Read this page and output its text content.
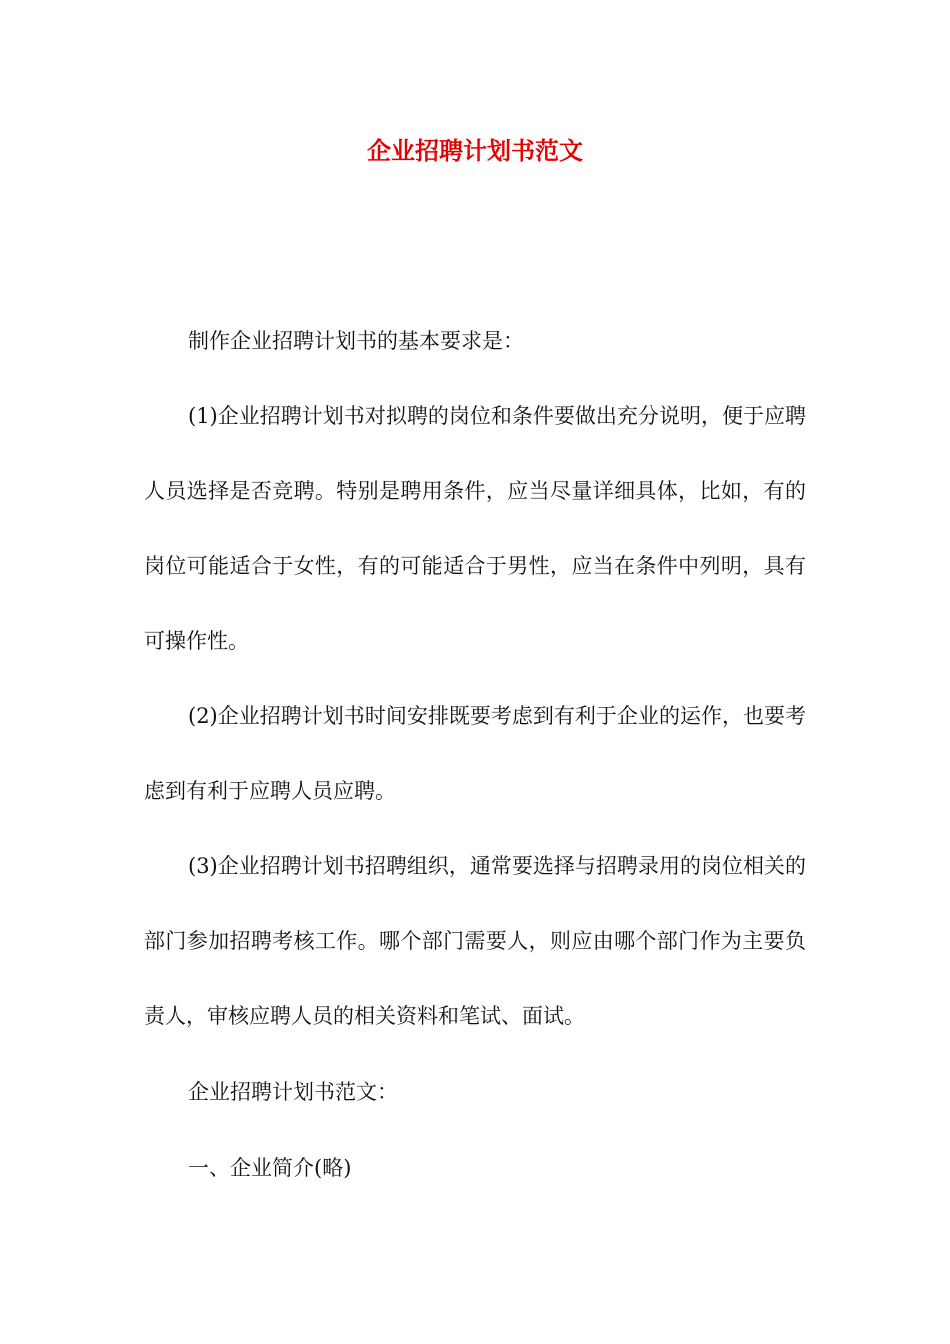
企业招聘计划书范文

制作企业招聘计划书的基本要求是：

(1)企业招聘计划书对拟聘的岗位和条件要做出充分说明，便于应聘人员选择是否竞聘。特别是聘用条件，应当尽量详细具体，比如，有的岗位可能适合于女性，有的可能适合于男性，应当在条件中列明，具有可操作性。

(2)企业招聘计划书时间安排既要考虑到有利于企业的运作，也要考虑到有利于应聘人员应聘。

(3)企业招聘计划书招聘组织，通常要选择与招聘录用的岗位相关的部门参加招聘考核工作。哪个部门需要人，则应由哪个部门作为主要负责人，审核应聘人员的相关资料和笔试、面试。

企业招聘计划书范文：

一、企业简介(略)
